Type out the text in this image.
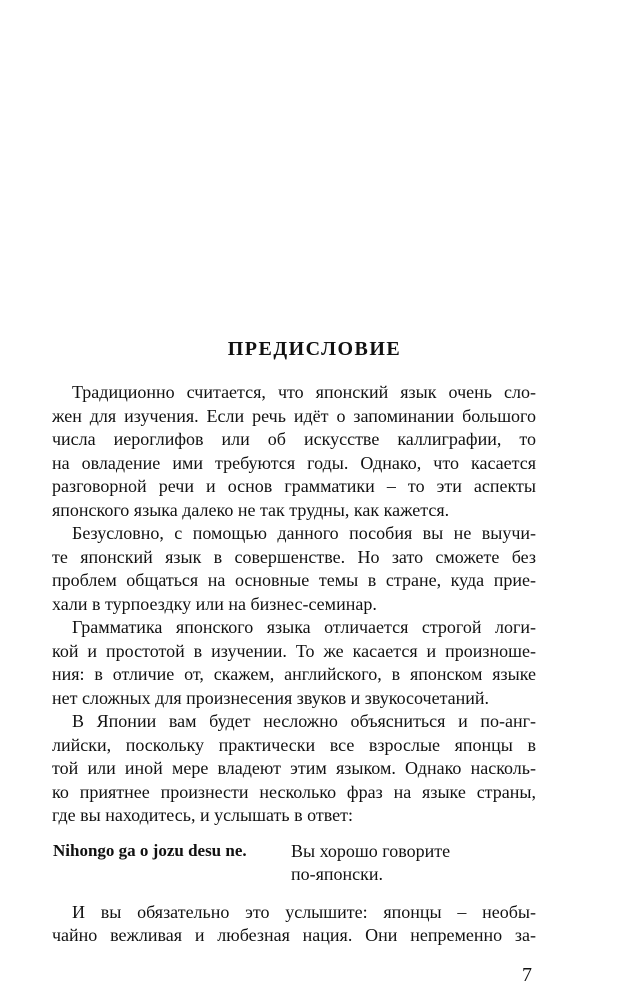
ПРЕДИСЛОВИЕ

Традиционно считается, что японский язык очень сло-

жен для изучения. Если речь идёт о запоминании большого

числа иероглифов или об искусстве каллиграфии, то

на овладение ими требуются годы. Однако, что касается

разговорной речи и основ грамматики – то эти аспекты

японского языка далеко не так трудны, как кажется.

Безусловно, с помощью данного пособия вы не выучи-

те японский язык в совершенстве. Но зато сможете без

проблем общаться на основные темы в стране, куда прие-

хали в турпоездку или на бизнес-семинар.

Грамматика японского языка отличается строгой логи-

кой и простотой в изучении. То же касается и произноше-

ния: в отличие от, скажем, английского, в японском языке

нет сложных для произнесения звуков и звукосочетаний.

В Японии вам будет несложно объясниться и по-анг-

лийски, поскольку практически все взрослые японцы в

той или иной мере владеют этим языком. Однако насколь-

ко приятнее произнести несколько фраз на языке страны,

где вы находитесь, и услышать в ответ:

Nihongo ga o jozu desu ne. Вы хорошо говорите
по-японски.

И вы обязательно это услышите: японцы – необы-

чайно вежливая и любезная нация. Они непременно за-

7
